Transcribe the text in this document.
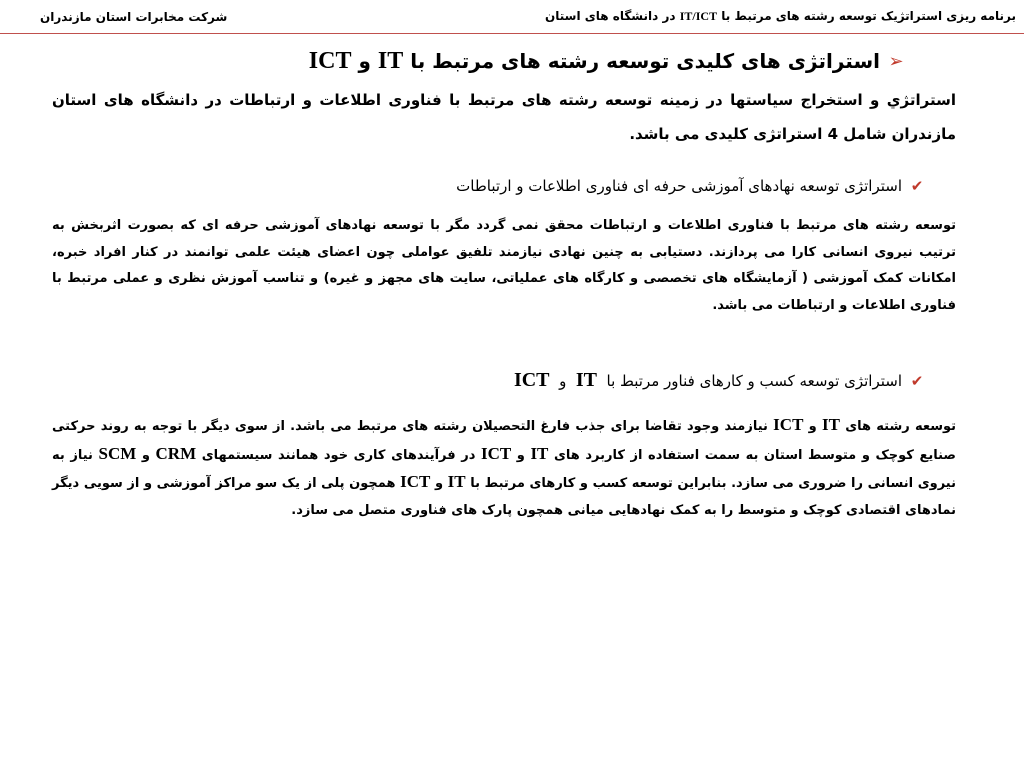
شرکت مخابرات استان مازندران	برنامه ریزی استراتژیک توسعه رشته های مرتبط با IT/ICT در دانشگاه های استان
➢
استراتژی های کلیدی توسعه رشته های مرتبط با IT و ICT
استراتژي و استخراج سیاستها در زمینه توسعه رشته های مرتبط با فناوری اطلاعات و ارتباطات در دانشگاه های استان مازندران شامل 4 استراتژی کلیدی می باشد.
✔
استراتژی توسعه نهادهای آموزشی حرفه ای فناوری اطلاعات و ارتباطات
توسعه رشته های مرتبط با فناوری اطلاعات و ارتباطات محقق نمی گردد مگر با توسعه نهادهای آموزشی حرفه ای که بصورت اثربخش به ترتیب نیروی انسانی کارا می پردازند. دستیابی به چنین نهادی نیازمند تلفیق عواملی چون اعضای هیئت علمی توانمند در کنار افراد خبره، امکانات کمک آموزشی ( آزمایشگاه های تخصصی و کارگاه های عملیاتی، سایت های مجهز و غیره) و تناسب آموزش نظری و عملی مرتبط با فناوری اطلاعات و ارتباطات می باشد.
✔
استراتژی توسعه کسب و کارهای فناور مرتبط با  IT  و  ICT
توسعه رشته های IT و ICT نیازمند وجود تقاضا برای جذب فارغ التحصیلان رشته های مرتبط می باشد. از سوی دیگر با توجه به روند حرکتی صنایع کوچک و متوسط استان به سمت استفاده از کاربرد های IT و ICT در فرآیندهای کاری خود همانند سیستمهای CRM و SCM نیاز به نیروی انسانی را ضروری می سازد. بنابراین توسعه کسب و کارهای مرتبط با IT و ICT همچون پلی از یک سو مراکز آموزشی و از سویی دیگر نمادهای اقتصادی کوچک و متوسط را به کمک نهادهایی میانی همچون پارک های فناوری متصل می سازد.
